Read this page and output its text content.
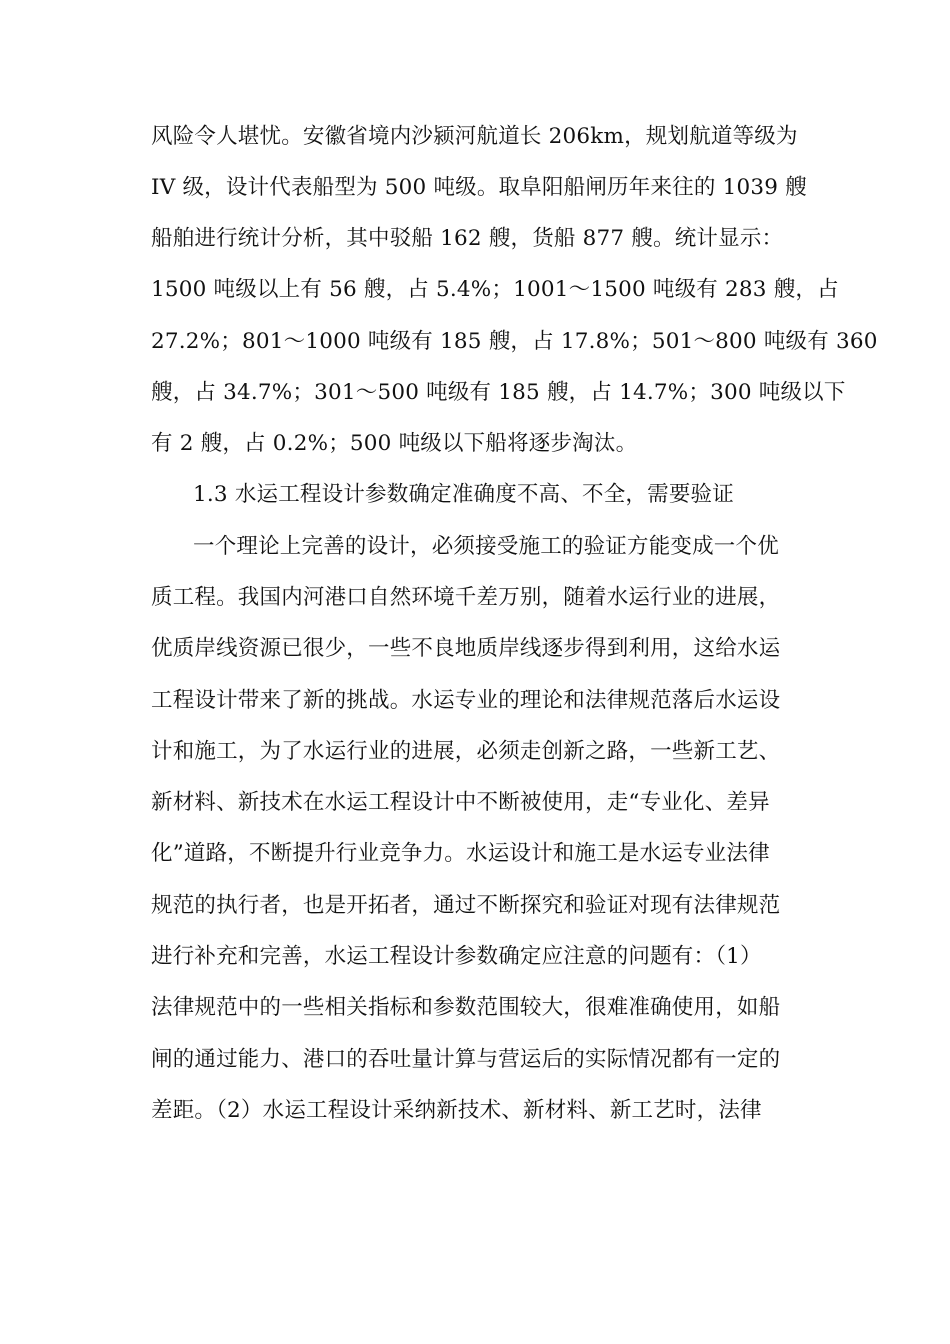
风险令人堪忧。安徽省境内沙颍河航道长 206km，规划航道等级为
IV 级，设计代表船型为 500 吨级。取阜阳船闸历年来往的 1039 艘
船舶进行统计分析，其中驳船 162 艘，货船 877 艘。统计显示：
1500 吨级以上有 56 艘，占 5.4%；1001～1500 吨级有 283 艘，占
27.2%；801～1000 吨级有 185 艘，占 17.8%；501～800 吨级有 360
艘，占 34.7%；301～500 吨级有 185 艘，占 14.7%；300 吨级以下
有 2 艘，占 0.2%；500 吨级以下船将逐步淘汰。
1.3 水运工程设计参数确定准确度不高、不全，需要验证
一个理论上完善的设计，必须接受施工的验证方能变成一个优
质工程。我国内河港口自然环境千差万别，随着水运行业的进展，
优质岸线资源已很少，一些不良地质岸线逐步得到利用，这给水运
工程设计带来了新的挑战。水运专业的理论和法律规范落后水运设
计和施工，为了水运行业的进展，必须走创新之路，一些新工艺、
新材料、新技术在水运工程设计中不断被使用，走“专业化、差异
化”道路，不断提升行业竞争力。水运设计和施工是水运专业法律
规范的执行者，也是开拓者，通过不断探究和验证对现有法律规范
进行补充和完善，水运工程设计参数确定应注意的问题有：（1）
法律规范中的一些相关指标和参数范围较大，很难准确使用，如船
闸的通过能力、港口的吞吐量计算与营运后的实际情况都有一定的
差距。（2）水运工程设计采纳新技术、新材料、新工艺时，法律
